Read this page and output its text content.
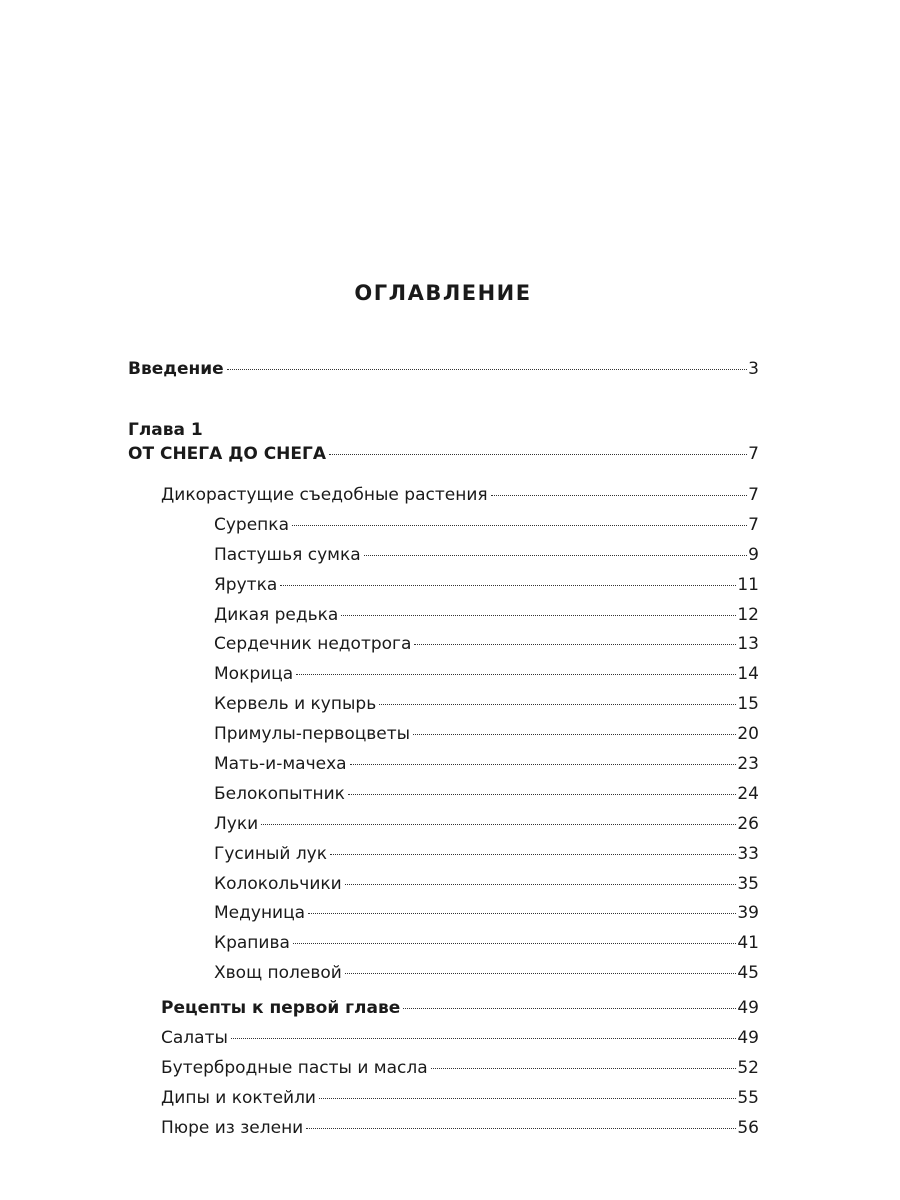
ОГЛАВЛЕНИЕ
Введение	3
Глава 1
ОТ СНЕГА ДО СНЕГА	7
Дикорастущие съедобные растения	7
Сурепка	7
Пастушья сумка	9
Ярутка	11
Дикая редька	12
Сердечник недотрога	13
Мокрица	14
Кервель и купырь	15
Примулы-первоцветы	20
Мать-и-мачеха	23
Белокопытник	24
Луки	26
Гусиный лук	33
Колокольчики	35
Медуница	39
Крапива	41
Хвощ полевой	45
Рецепты к первой главе	49
Салаты	49
Бутербродные пасты и масла	52
Дипы и коктейли	55
Пюре из зелени	56
